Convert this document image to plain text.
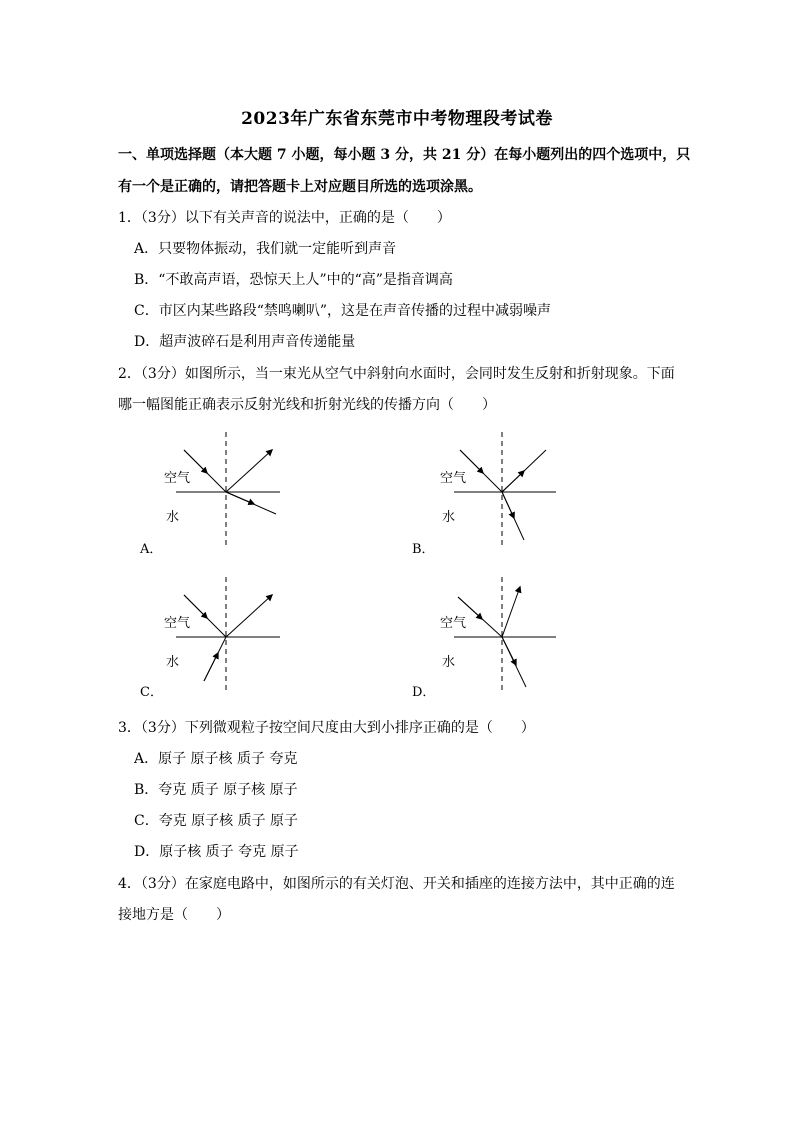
2023年广东省东莞市中考物理段考试卷
一、单项选择题（本大题 7 小题，每小题 3 分，共 21 分）在每小题列出的四个选项中，只
有一个是正确的，请把答题卡上对应题目所选的选项涂黑。
1．（3分）以下有关声音的说法中，正确的是（　　）
A．只要物体振动，我们就一定能听到声音
B．“不敢高声语，恐惊天上人”中的“高”是指音调高
C．市区内某些路段“禁鸣喇叭”，这是在声音传播的过程中减弱噪声
D．超声波碎石是利用声音传递能量
2．（3分）如图所示，当一束光从空气中斜射向水面时，会同时发生反射和折射现象。下面
哪一幅图能正确表示反射光线和折射光线的传播方向（　　）
空气
水
A．
空气
水
B．
空气
水
C．
空气
水
D．
3．（3分）下列微观粒子按空间尺度由大到小排序正确的是（　　）
A．原子 原子核 质子 夸克
B．夸克 质子 原子核 原子
C．夸克 原子核 质子 原子
D．原子核 质子 夸克 原子
4．（3分）在家庭电路中，如图所示的有关灯泡、开关和插座的连接方法中，其中正确的连
接地方是（　　）
